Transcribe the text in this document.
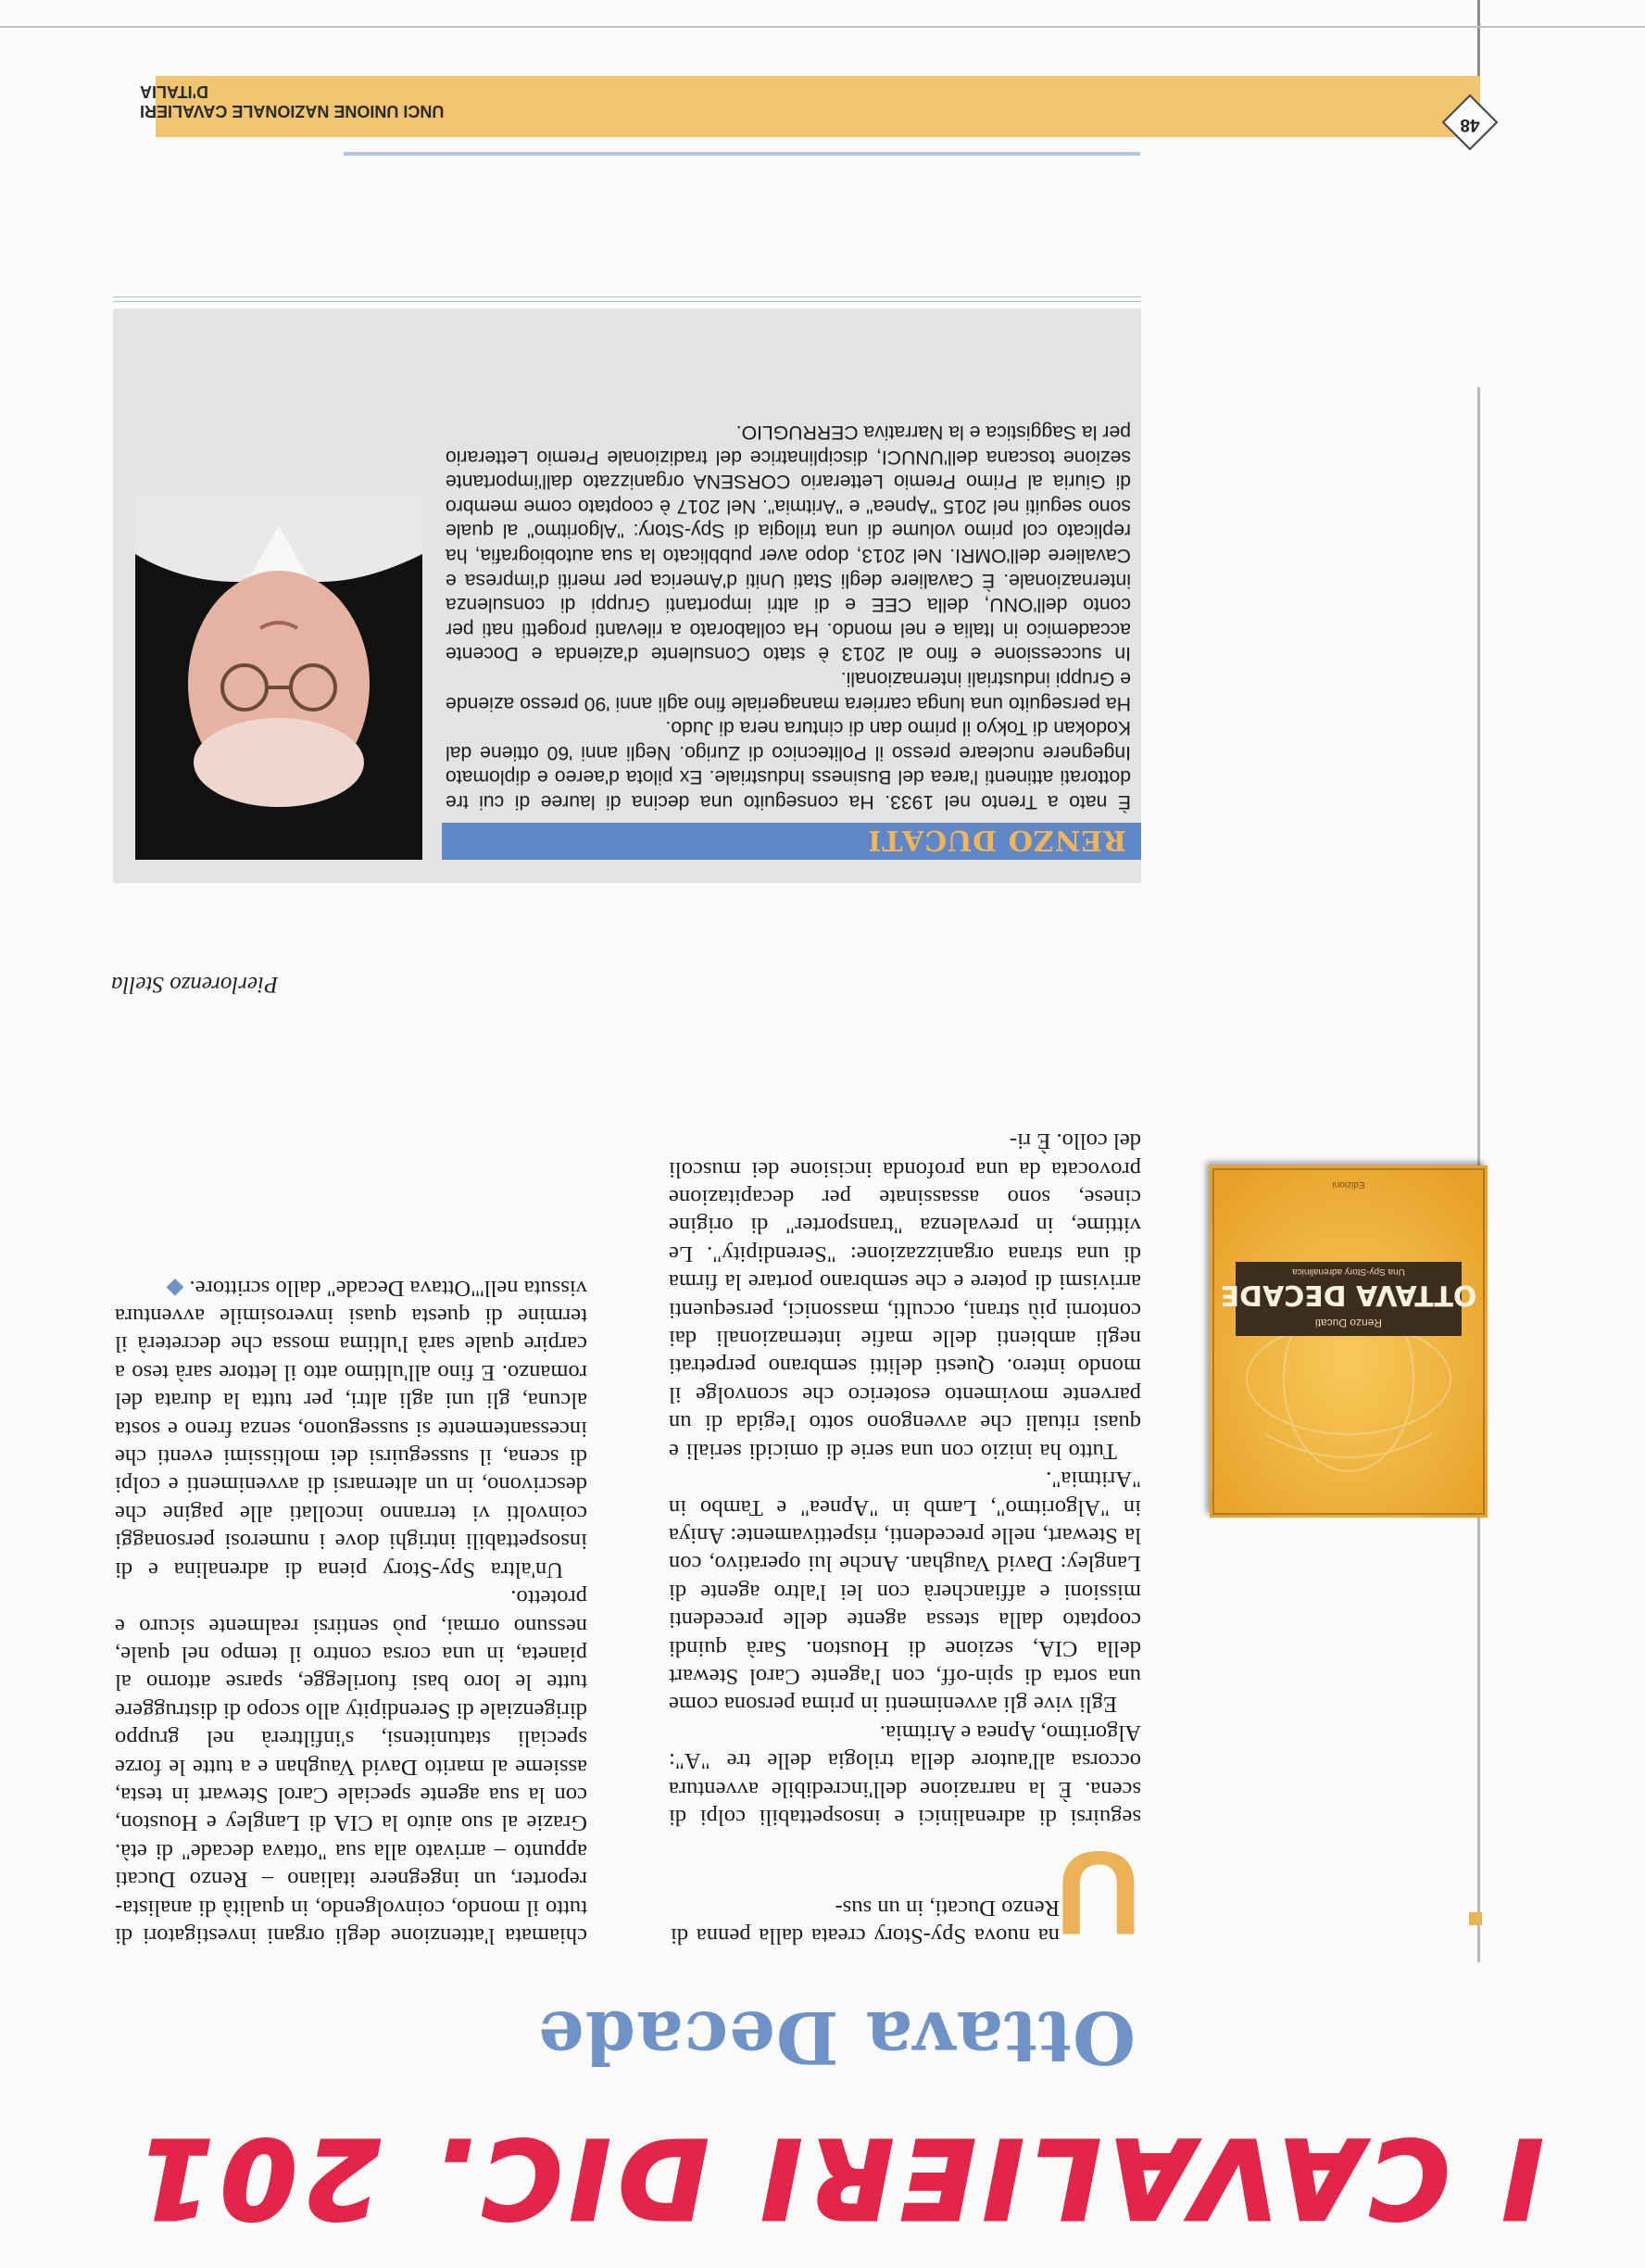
I CAVALIERI DIC. 201
Ottava Decade
Renzo Ducati
OTTAVA DECADE
Una Spy-Story adrenalinica
Edizioni
U

na nuova Spy-Story creata dalla penna di Renzo Ducati, in un sus-

seguirsi di adrenalinici e insospettabili colpi di scena. È la narrazione dell'incredibile avventura occorsa all'autore della trilogia delle tre "A": Algoritmo, Apnea e Aritmia.

Egli vive gli avvenimenti in prima persona come una sorta di spin-off, con l'agente Carol Stewart della CIA, sezione di Houston. Sarà quindi cooptato dalla stessa agente delle precedenti missioni e affiancherà con lei l'altro agente di Langley: David Vaughan. Anche lui operativo, con la Stewart, nelle precedenti, rispettivamente: Aniya in "Algoritmo", Lamb in "Apnea" e Tambo in "Aritmia".

Tutto ha inizio con una serie di omicidi seriali e quasi rituali che avvengono sotto l'egida di un parvente movimento esoterico che sconvolge il mondo intero. Questi delitti sembrano perpetrati negli ambienti delle mafie internazionali dai contorni più strani, occulti, massonici, persequenti arrivismi di potere e che sembrano portare la firma di una strana organizzazione: "Serendipity". Le vittime, in prevalenza "transporter" di origine cinese, sono assassinate per decapitazione provocata da una profonda incisione dei muscoli del collo. È ri-

chiamata l'attenzione degli organi investigatori di tutto il mondo, coinvolgendo, in qualità di analista-reporter, un ingegnere italiano – Renzo Ducati appunto – arrivato alla sua "ottava decade" di età. Grazie al suo aiuto la CIA di Langley e Houston, con la sua agente speciale Carol Stewart in testa, assieme al marito David Vaughan e a tutte le forze speciali statunitensi, s'infiltrerà nel gruppo dirigenziale di Serendipity allo scopo di distruggere tutte le loro basi fuorilegge, sparse attorno al pianeta, in una corsa contro il tempo nel quale, nessuno ormai, può sentirsi realmente sicuro e protetto.

Un'altra Spy-Story piena di adrenalina e di insospettabili intrighi dove i numerosi personaggi coinvolti vi terranno incollati alle pagine che descrivono, in un alternarsi di avvenimenti e colpi di scena, il susseguirsi dei moltissimi eventi che incessantemente si susseguono, senza freno e sosta alcuna, gli uni agli altri, per tutta la durata del romanzo. E fino all'ultimo atto il lettore sarà teso a carpire quale sarà l'ultima mossa che decreterà il termine di questa quasi inverosimile avventura vissuta nell'"Ottava Decade" dallo scrittore. ◆

Pierlorenzo Stella
RENZO DUCATI

È nato a Trento nel 1933. Ha conseguito una decina di lauree di cui tre dottorati attinenti l'area del Business Industriale. Ex pilota d'aereo e diplomato Ingegnere nucleare presso il Politecnico di Zurigo. Negli anni '60 ottiene dal Kodokan di Tokyo il primo dan di cintura nera di Judo.

Ha perseguito una lunga carriera manageriale fino agli anni '90 presso aziende e Gruppi industriali internazionali.

In successione e fino al 2013 è stato Consulente d'azienda e Docente accademico in Italia e nel mondo. Ha collaborato a rilevanti progetti nati per conto dell'ONU, della CEE e di altri importanti Gruppi di consulenza internazionale. È Cavaliere degli Stati Uniti d'America per meriti d'impresa e Cavaliere dell'OMRI. Nel 2013, dopo aver pubblicato la sua autobiografia, ha replicato col primo volume di una trilogia di Spy-Story: "Algoritmo" al quale sono seguiti nel 2015 "Apnea" e "Aritmia". Nel 2017 è cooptato come membro di Giuria al Primo Premio Letterario CORSENA organizzato dall'importante sezione toscana dell'UNUCI, disciplinatrice del tradizionale Premio Letterario per la Saggistica e la Narrativa CERRUGLIO.

UNCI UNIONE NAZIONALE CAVALIERI D'ITALIA
48
